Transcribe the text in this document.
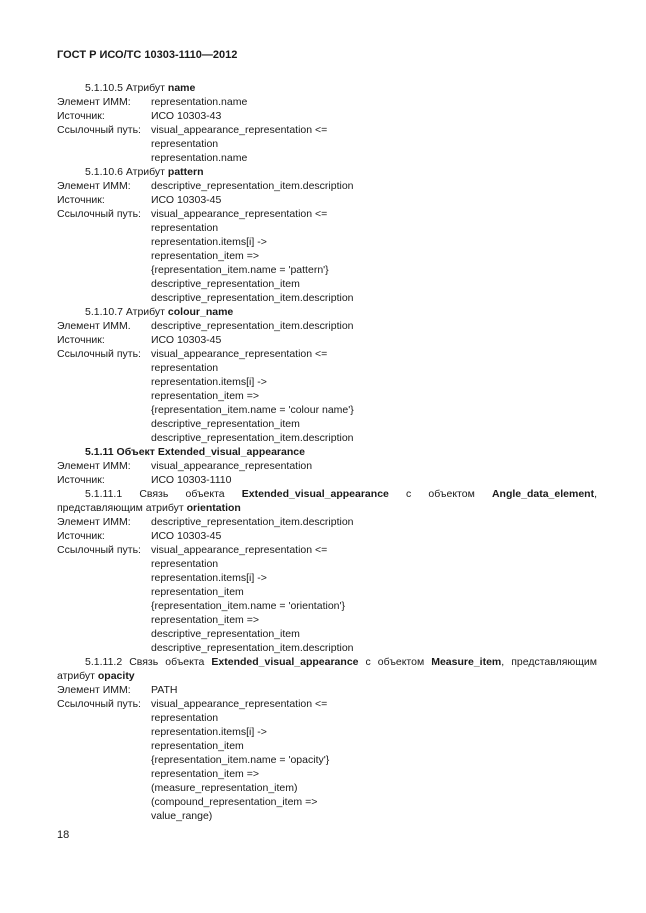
ГОСТ Р ИСО/ТС 10303-1110—2012
5.1.10.5 Атрибут name
Элемент ИММ: representation.name
Источник:	ИСО 10303-43
Ссылочный путь: visual_appearance_representation <=
representation
representation.name
5.1.10.6 Атрибут pattern
Элемент ИММ: descriptive_representation_item.description
Источник:	ИСО 10303-45
Ссылочный путь: visual_appearance_representation <=
representation
representation.items[i] ->
representation_item =>
{representation_item.name = 'pattern'}
descriptive_representation_item
descriptive_representation_item.description
5.1.10.7 Атрибут colour_name
Элемент ИММ. descriptive_representation_item.description
Источник:	ИСО 10303-45
Ссылочный путь: visual_appearance_representation <=
representation
representation.items[i] ->
representation_item =>
{representation_item.name = 'colour name'}
descriptive_representation_item
descriptive_representation_item.description
5.1.11 Объект Extended_visual_appearance
Элемент ИММ: visual_appearance_representation
Источник:	ИСО 10303-1110
5.1.11.1 Связь объекта Extended_visual_appearance с объектом Angle_data_element, представляющим атрибут orientation
Элемент ИММ: descriptive_representation_item.description
Источник:	ИСО 10303-45
Ссылочный путь: visual_appearance_representation <=
representation
representation.items[i] ->
representation_item
{representation_item.name = 'orientation'}
representation_item =>
descriptive_representation_item
descriptive_representation_item.description
5.1.11.2 Связь объекта Extended_visual_appearance с объектом Measure_item, представляющим атрибут opacity
Элемент ИММ: PATH
Ссылочный путь: visual_appearance_representation <=
representation
representation.items[i] ->
representation_item
{representation_item.name = 'opacity'}
representation_item =>
(measure_representation_item)
(compound_representation_item =>
value_range)
18
